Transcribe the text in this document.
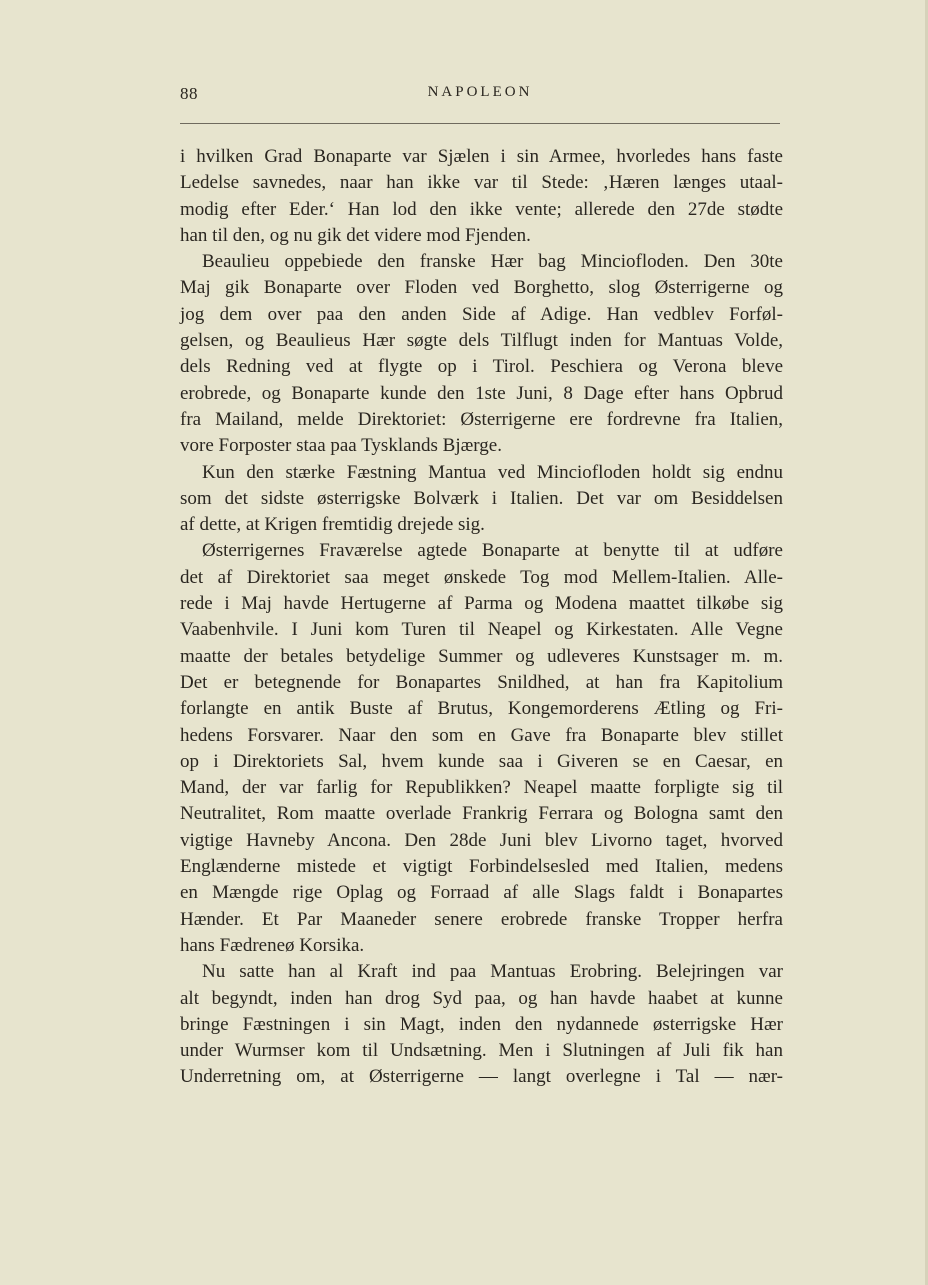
88	NAPOLEON
i hvilken Grad Bonaparte var Sjælen i sin Armee, hvorledes hans faste
Ledelse savnedes, naar han ikke var til Stede: ‚Hæren længes utaal-
modig efter Eder.‘ Han lod den ikke vente; allerede den 27de stødte
han til den, og nu gik det videre mod Fjenden.
Beaulieu oppebiede den franske Hær bag Minciofloden. Den 30te
Maj gik Bonaparte over Floden ved Borghetto, slog Østerrigerne og
jog dem over paa den anden Side af Adige. Han vedblev Forføl-
gelsen, og Beaulieus Hær søgte dels Tilflugt inden for Mantuas Volde,
dels Redning ved at flygte op i Tirol. Peschiera og Verona bleve
erobrede, og Bonaparte kunde den 1ste Juni, 8 Dage efter hans Opbrud
fra Mailand, melde Direktoriet: Østerrigerne ere fordrevne fra Italien,
vore Forposter staa paa Tysklands Bjærge.
Kun den stærke Fæstning Mantua ved Minciofloden holdt sig endnu
som det sidste østerrigske Bolværk i Italien. Det var om Besiddelsen
af dette, at Krigen fremtidig drejede sig.
Østerrigernes Fraværelse agtede Bonaparte at benytte til at udføre
det af Direktoriet saa meget ønskede Tog mod Mellem-Italien. Alle-
rede i Maj havde Hertugerne af Parma og Modena maattet tilkøbe sig
Vaabenhvile. I Juni kom Turen til Neapel og Kirkestaten. Alle Vegne
maatte der betales betydelige Summer og udleveres Kunstsager m. m.
Det er betegnende for Bonapartes Snildhed, at han fra Kapitolium
forlangte en antik Buste af Brutus, Kongemorderens Ætling og Fri-
hedens Forsvarer. Naar den som en Gave fra Bonaparte blev stillet
op i Direktoriets Sal, hvem kunde saa i Giveren se en Caesar, en
Mand, der var farlig for Republikken? Neapel maatte forpligte sig til
Neutralitet, Rom maatte overlade Frankrig Ferrara og Bologna samt den
vigtige Havneby Ancona. Den 28de Juni blev Livorno taget, hvorved
Englænderne mistede et vigtigt Forbindelsesled med Italien, medens
en Mængde rige Oplag og Forraad af alle Slags faldt i Bonapartes
Hænder. Et Par Maaneder senere erobrede franske Tropper herfra
hans Fædreneø Korsika.
Nu satte han al Kraft ind paa Mantuas Erobring. Belejringen var
alt begyndt, inden han drog Syd paa, og han havde haabet at kunne
bringe Fæstningen i sin Magt, inden den nydannede østerrigske Hær
under Wurmser kom til Undsætning. Men i Slutningen af Juli fik han
Underretning om, at Østerrigerne — langt overlegne i Tal — nær-
